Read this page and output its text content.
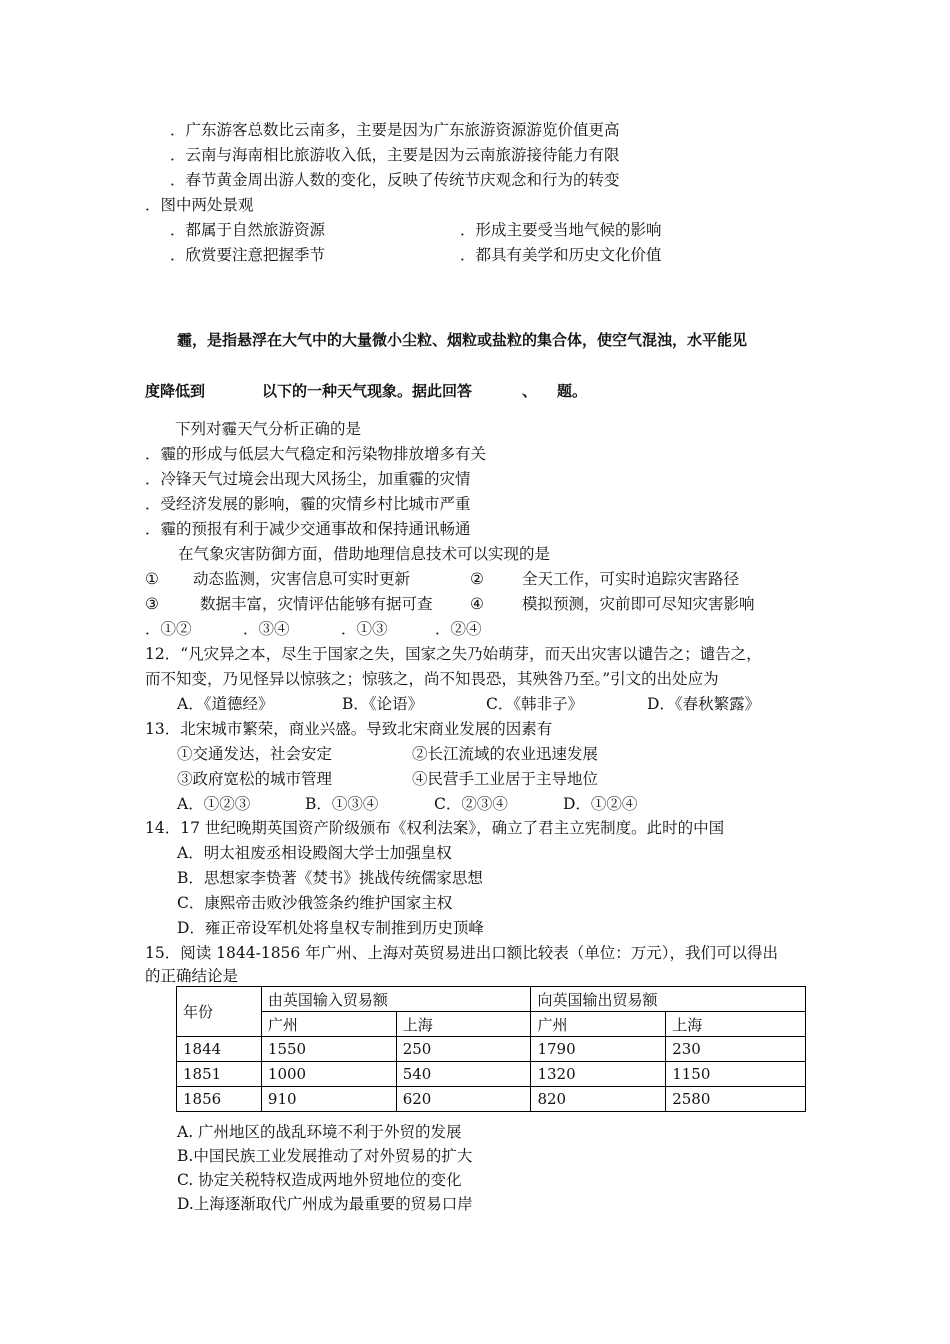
．广东游客总数比云南多，主要是因为广东旅游资源游览价值更高
．云南与海南相比旅游收入低，主要是因为云南旅游接待能力有限
．春节黄金周出游人数的变化，反映了传统节庆观念和行为的转变
．图中两处景观
．都属于自然旅游资源	．形成主要受当地气候的影响
．欣赏要注意把握季节	．都具有美学和历史文化价值
霾，是指悬浮在大气中的大量微小尘粒、烟粒或盐粒的集合体，使空气混浊，水平能见
度降低到	以下的一种天气现象。据此回答	、 题。
下列对霾天气分析正确的是
．霾的形成与低层大气稳定和污染物排放增多有关
．冷锋天气过境会出现大风扬尘，加重霾的灾情
．受经济发展的影响，霾的灾情乡村比城市严重
．霾的预报有利于减少交通事故和保持通讯畅通
在气象灾害防御方面，借助地理信息技术可以实现的是
① 动态监测，灾害信息可实时更新	② 全天工作，可实时追踪灾害路径
③	数据丰富，灾情评估能够有据可查 ④ 模拟预测，灾前即可尽知灾害影响
．①②	．③④	．①③	．②④
12．“凡灾异之本，尽生于国家之失，国家之失乃始萌芽，而天出灾害以谴告之；谴告之，
而不知变，乃见怪异以惊骇之；惊骇之，尚不知畏恐，其殃咎乃至。”引文的出处应为
A．《道德经》	B．《论语》	C．《韩非子》	D．《春秋繁露》
13．北宋城市繁荣，商业兴盛。导致北宋商业发展的因素有
①交通发达，社会安定	②长江流域的农业迅速发展
③政府宽松的城市管理	④民营手工业居于主导地位
A．①②③	B．①③④	C．②③④	D．①②④
14．17 世纪晚期英国资产阶级颁布《权利法案》，确立了君主立宪制度。此时的中国
A．明太祖废丞相设殿阁大学士加强皇权
B．思想家李贽著《焚书》挑战传统儒家思想
C．康熙帝击败沙俄签条约维护国家主权
D．雍正帝设军机处将皇权专制推到历史顶峰
15．阅读 1844-1856 年广州、上海对英贸易进出口额比较表（单位：万元），我们可以得出
的正确结论是
年份	由英国输入贸易额		向英国输出贸易额	
	广州	上海	广州	上海
1844	1550	250	1790	230
1851	1000	540	1320	1150
1856	910	620	820	2580
A. 广州地区的战乱环境不利于外贸的发展
B.中国民族工业发展推动了对外贸易的扩大
C. 协定关税特权造成两地外贸地位的变化
D.上海逐渐取代广州成为最重要的贸易口岸
